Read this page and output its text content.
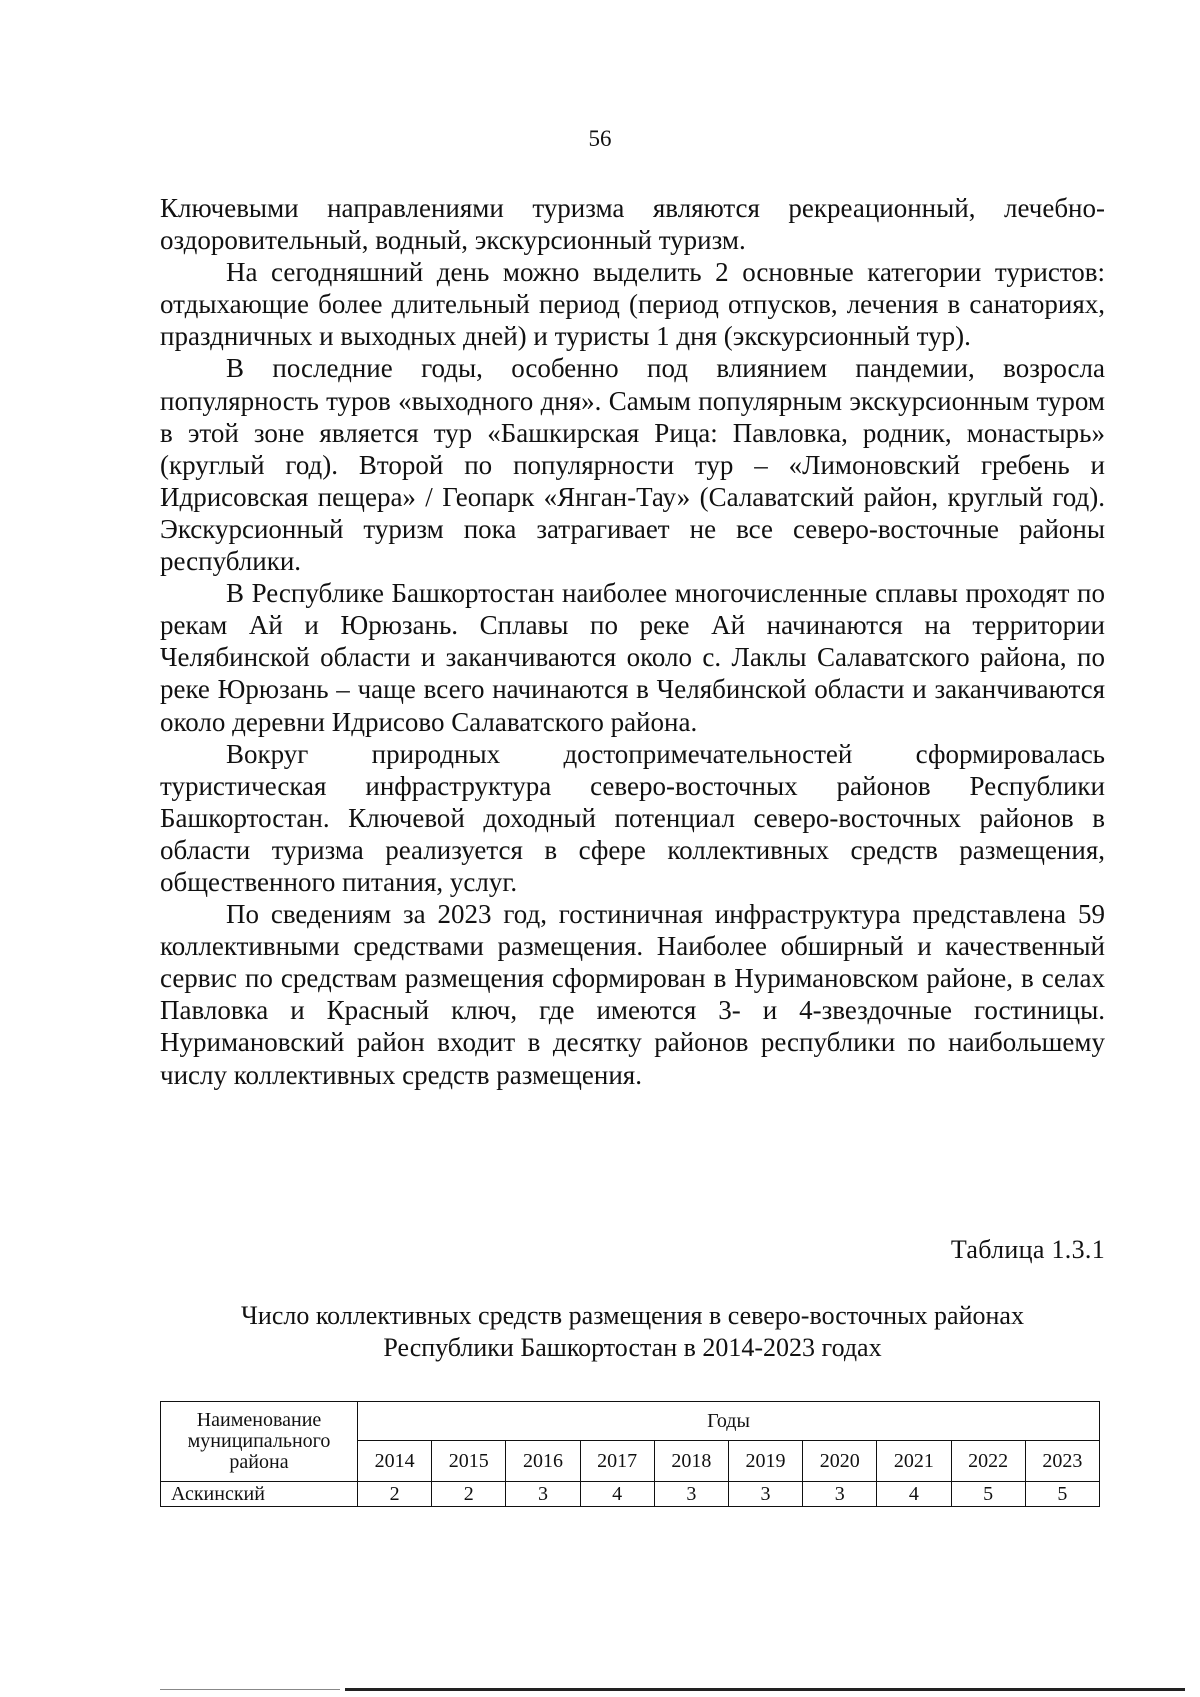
56

Ключевыми направлениями туризма являются рекреационный, лечебно-оздоровительный, водный, экскурсионный туризм.

На сегодняшний день можно выделить 2 основные категории туристов: отдыхающие более длительный период (период отпусков, лечения в санаториях, праздничных и выходных дней) и туристы 1 дня (экскурсионный тур).

В последние годы, особенно под влиянием пандемии, возросла популярность туров «выходного дня». Самым популярным экскурсионным туром в этой зоне является тур «Башкирская Рица: Павловка, родник, монастырь» (круглый год). Второй по популярности тур – «Лимоновский гребень и Идрисовская пещера» / Геопарк «Янган-Тау» (Салаватский район, круглый год). Экскурсионный туризм пока затрагивает не все северо-восточные районы республики.

В Республике Башкортостан наиболее многочисленные сплавы проходят по рекам Ай и Юрюзань. Сплавы по реке Ай начинаются на территории Челябинской области и заканчиваются около с. Лаклы Салаватского района, по реке Юрюзань – чаще всего начинаются в Челябинской области и заканчиваются около деревни Идрисово Салаватского района.

Вокруг природных достопримечательностей сформировалась туристическая инфраструктура северо-восточных районов Республики Башкортостан. Ключевой доходный потенциал северо-восточных районов в области туризма реализуется в сфере коллективных средств размещения, общественного питания, услуг.

По сведениям за 2023 год, гостиничная инфраструктура представлена 59 коллективными средствами размещения. Наиболее обширный и качественный сервис по средствам размещения сформирован в Нуримановском районе, в селах Павловка и Красный ключ, где имеются 3- и 4-звездочные гостиницы. Нуримановский район входит в десятку районов республики по наибольшему числу коллективных средств размещения.

Таблица 1.3.1
Число коллективных средств размещения в северо-восточных районах
Республики Башкортостан в 2014-2023 годах
Наименование муниципального района	Годы									
	2014	2015	2016	2017	2018	2019	2020	2021	2022	2023
Аскинский	2	2	3	4	3	3	3	4	5	5
